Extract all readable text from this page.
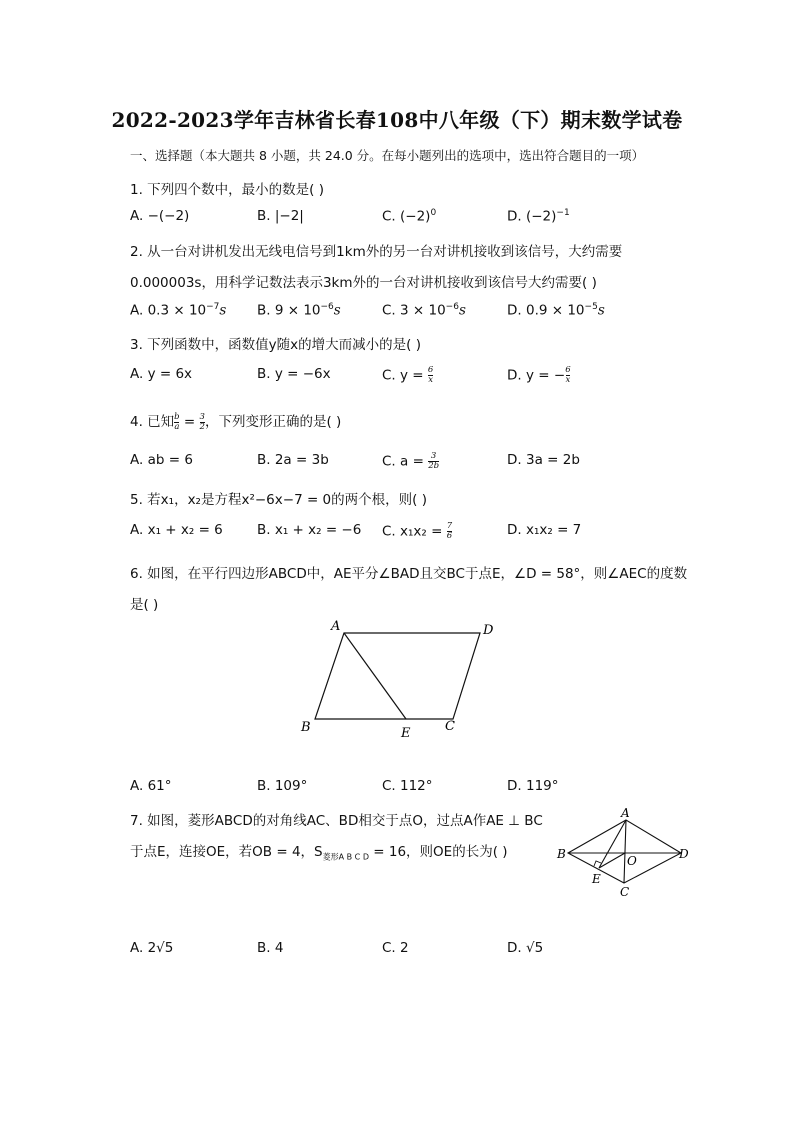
2022-2023学年吉林省长春108中八年级（下）期末数学试卷
一、选择题（本大题共 8 小题，共 24.0 分。在每小题列出的选项中，选出符合题目的一项）
1. 下列四个数中，最小的数是( )
A. −(−2)	B. |−2|	C. $(-2)^0$	D. $(-2)^{-1}$
2. 从一台对讲机发出无线电信号到1km外的另一台对讲机接收到该信号，大约需要
0.000003s，用科学记数法表示3km外的一台对讲机接收到该信号大约需要( )
A. $0.3 \times 10^{-7}s$ B. $9 \times 10^{-6}s$	C. $3 \times 10^{-6}s$	D. $0.9 \times 10^{-5}s$
3. 下列函数中，函数值y随x的增大而减小的是( )
A. y = 6x	B. y = −6x	C. $y = \frac{6}{x}$	D. y = − $\frac{6}{x}$
4. 已知 $\frac{b}{a} = \frac{3}{2}$ ，下列变形正确的是( )
A. ab = 6	B. 2a = 3b	C. $a = \frac{3}{2b}$	D. 3a = 2b
5. 若x₁，x₂是方程x²−6x−7 = 0的两个根，则( )
A. x₁ + x₂ = 6	B. x₁ + x₂ = −6 C. $x_1x_2 = \frac{7}{6}$	D. x₁x₂ = 7
6. 如图，在平行四边形ABCD中，AE平分∠BAD且交BC于点E，∠D = 58°，则∠AEC的度数
是( )
A	D
B	E	C
A. 61°	B. 109°	C. 112°	D. 119°
7. 如图，菱形ABCD的对角线AC、BD相交于点O，过点A作AE ⊥ BC
于点E，连接OE，若OB = 4，$S_{菱形A B C D} = 16$，则OE的长为( )
A
B	D
O
E
C
A. 2√5	B. 4	C. 2	D. √5
